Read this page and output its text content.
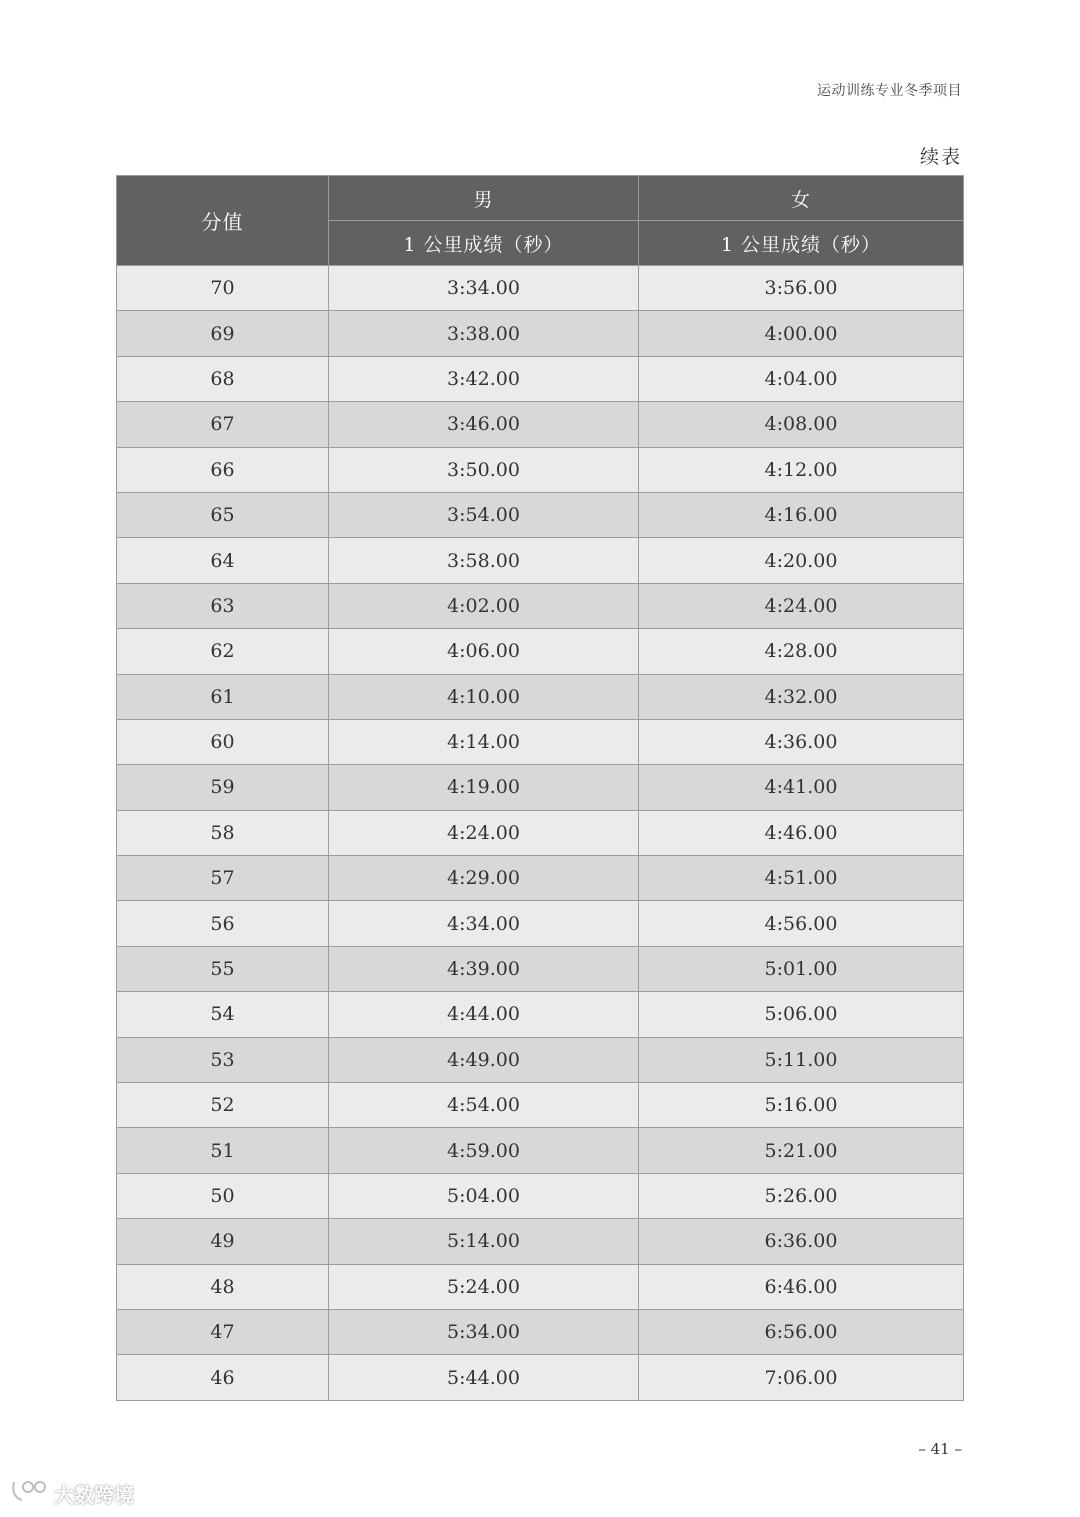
运动训练专业冬季项目
续表
分值	男	女
	1 公里成绩（秒）	1 公里成绩（秒）
70	3:34.00	3:56.00
69	3:38.00	4:00.00
68	3:42.00	4:04.00
67	3:46.00	4:08.00
66	3:50.00	4:12.00
65	3:54.00	4:16.00
64	3:58.00	4:20.00
63	4:02.00	4:24.00
62	4:06.00	4:28.00
61	4:10.00	4:32.00
60	4:14.00	4:36.00
59	4:19.00	4:41.00
58	4:24.00	4:46.00
57	4:29.00	4:51.00
56	4:34.00	4:56.00
55	4:39.00	5:01.00
54	4:44.00	5:06.00
53	4:49.00	5:11.00
52	4:54.00	5:16.00
51	4:59.00	5:21.00
50	5:04.00	5:26.00
49	5:14.00	6:36.00
48	5:24.00	6:46.00
47	5:34.00	6:56.00
46	5:44.00	7:06.00
– 41 –
大数跨境
